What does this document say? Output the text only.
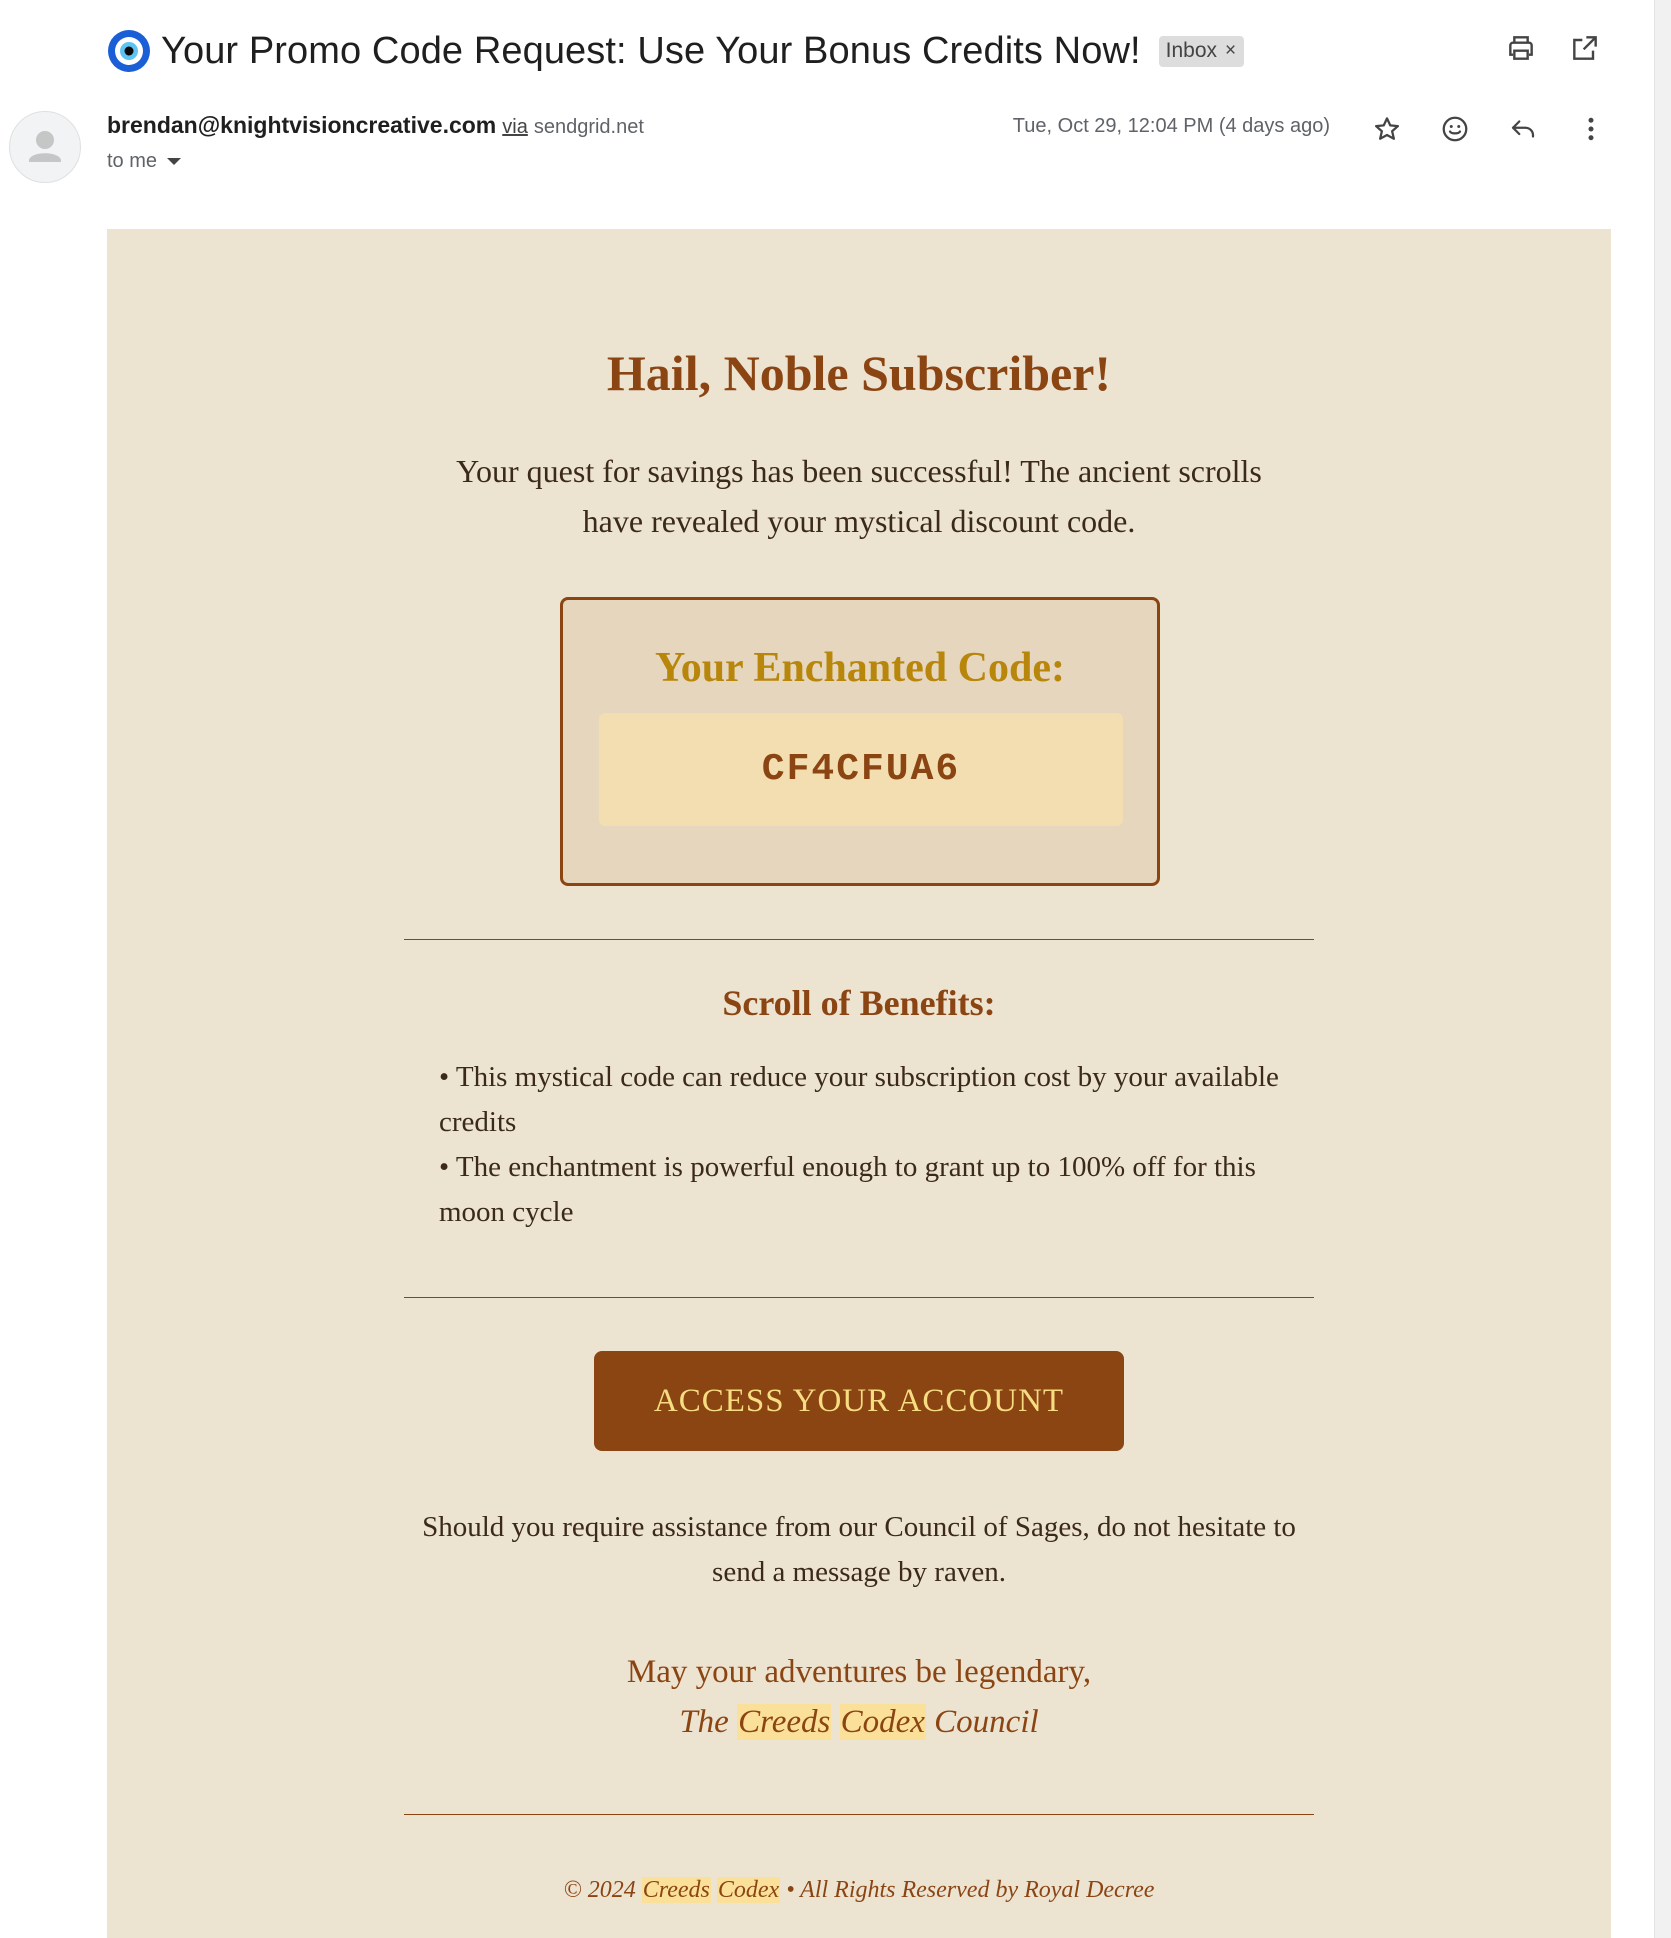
Your Promo Code Request: Use Your Bonus Credits Now! Inbox ×
brendan@knightvisioncreative.com via sendgrid.net
to me
Tue, Oct 29, 12:04 PM (4 days ago)
Hail, Noble Subscriber!
Your quest for savings has been successful! The ancient scrolls
have revealed your mystical discount code.
Your Enchanted Code:
CF4CFUA6
Scroll of Benefits:
• This mystical code can reduce your subscription cost by your available credits
• The enchantment is powerful enough to grant up to 100% off for this moon cycle
ACCESS YOUR ACCOUNT
Should you require assistance from our Council of Sages, do not hesitate to send a message by raven.
May your adventures be legendary,
The Creeds Codex Council
© 2024 Creeds Codex • All Rights Reserved by Royal Decree
